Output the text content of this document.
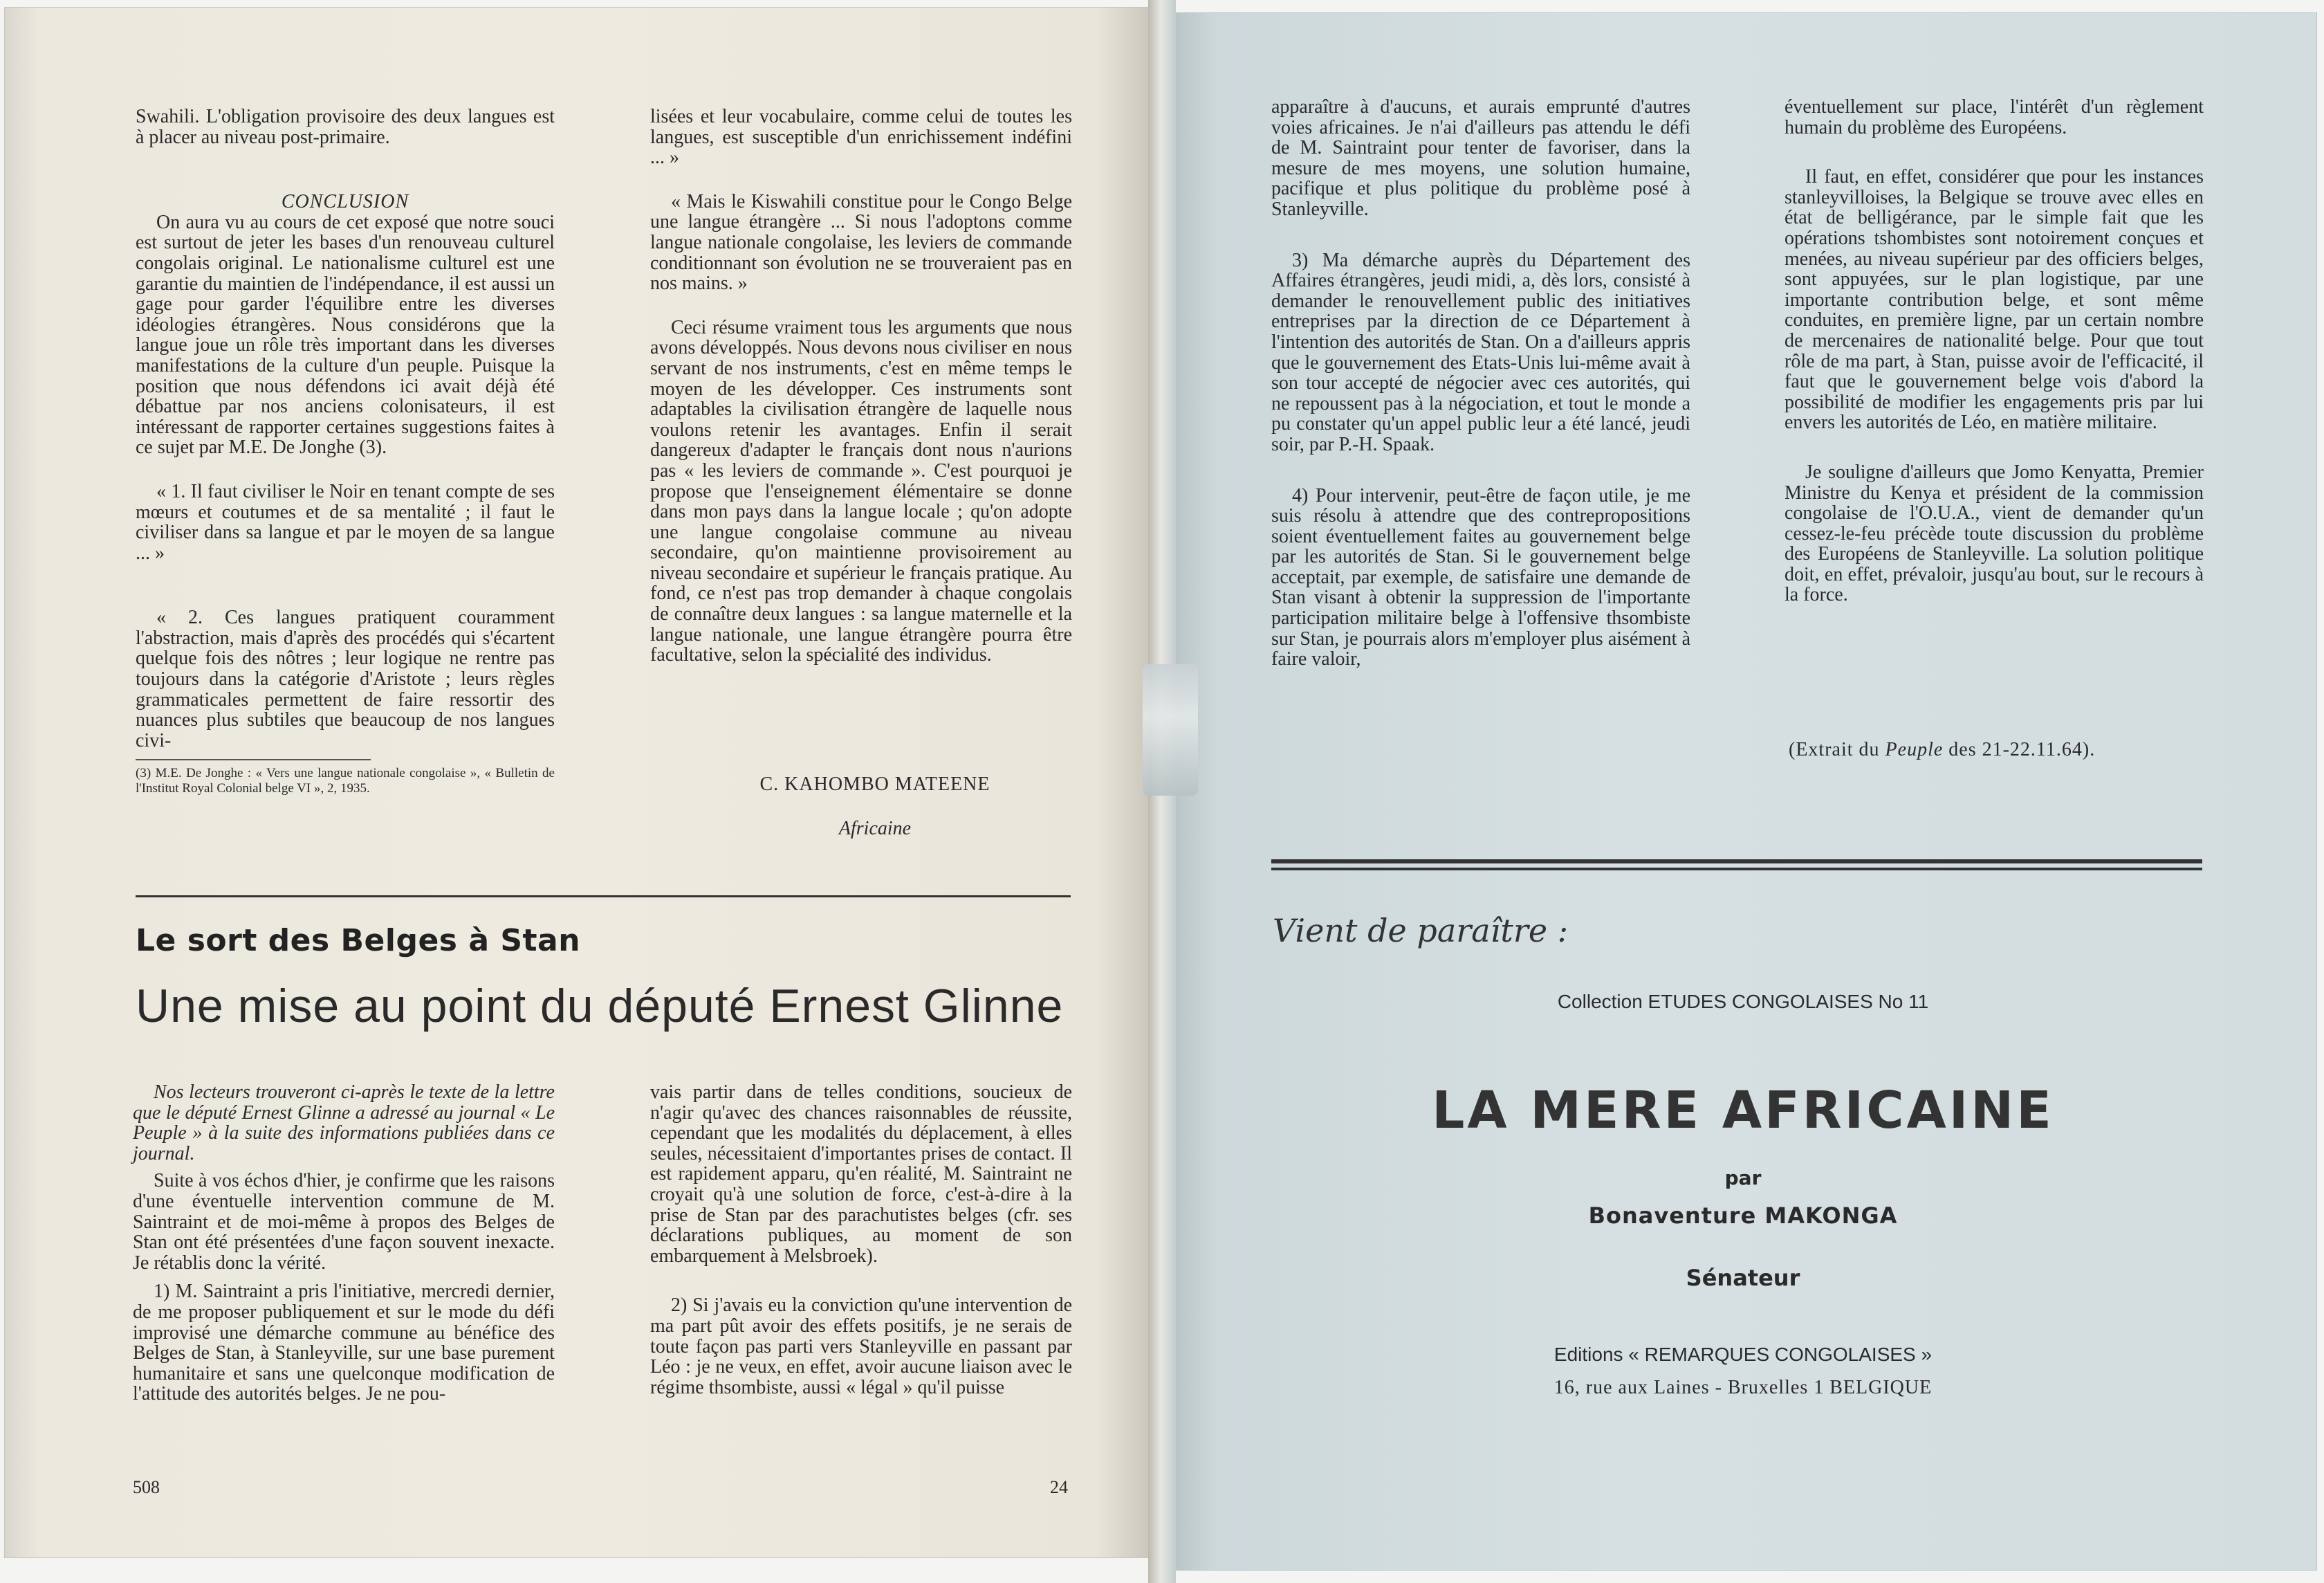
Swahili. L'obligation provisoire des deux langues est à placer au niveau post-primaire.

CONCLUSION

On aura vu au cours de cet exposé que notre souci est surtout de jeter les bases d'un renouveau culturel congolais original. Le nationalisme culturel est une garantie du maintien de l'indépendance, il est aussi un gage pour garder l'équilibre entre les diverses idéologies étrangères. Nous considérons que la langue joue un rôle très important dans les diverses manifestations de la culture d'un peuple. Puisque la position que nous défendons ici avait déjà été débattue par nos anciens colonisateurs, il est intéressant de rapporter certaines suggestions faites à ce sujet par M.E. De Jonghe (3).

« 1. Il faut civiliser le Noir en tenant compte de ses mœurs et coutumes et de sa mentalité ; il faut le civiliser dans sa langue et par le moyen de sa langue ... »

« 2. Ces langues pratiquent couramment l'abstraction, mais d'après des procédés qui s'écartent quelque fois des nôtres ; leur logique ne rentre pas toujours dans la catégorie d'Aristote ; leurs règles grammaticales permettent de faire ressortir des nuances plus subtiles que beaucoup de nos langues civi-

(3) M.E. De Jonghe : « Vers une langue nationale congolaise », « Bulletin de l'Institut Royal Colonial belge VI », 2, 1935.

lisées et leur vocabulaire, comme celui de toutes les langues, est susceptible d'un enrichissement indéfini ... »

« Mais le Kiswahili constitue pour le Congo Belge une langue étrangère ... Si nous l'adoptons comme langue nationale congolaise, les leviers de commande conditionnant son évolution ne se trouveraient pas en nos mains. »

Ceci résume vraiment tous les arguments que nous avons développés. Nous devons nous civiliser en nous servant de nos instruments, c'est en même temps le moyen de les développer. Ces instruments sont adaptables la civilisation étrangère de laquelle nous voulons retenir les avantages. Enfin il serait dangereux d'adapter le français dont nous n'aurions pas « les leviers de commande ». C'est pourquoi je propose que l'enseignement élémentaire se donne dans mon pays dans la langue locale ; qu'on adopte une langue congolaise commune au niveau secondaire, qu'on maintienne provisoirement au niveau secondaire et supérieur le français pratique. Au fond, ce n'est pas trop demander à chaque congolais de connaître deux langues : sa langue maternelle et la langue nationale, une langue étrangère pourra être facultative, selon la spécialité des individus.

C. KAHOMBO MATEENE
Africaine
Le sort des Belges à Stan
Une mise au point du député Ernest Glinne

Nos lecteurs trouveront ci-après le texte de la lettre que le député Ernest Glinne a adressé au journal « Le Peuple » à la suite des informations publiées dans ce journal.

Suite à vos échos d'hier, je confirme que les raisons d'une éventuelle intervention commune de M. Saintraint et de moi-même à propos des Belges de Stan ont été présentées d'une façon souvent inexacte. Je rétablis donc la vérité.

1) M. Saintraint a pris l'initiative, mercredi dernier, de me proposer publiquement et sur le mode du défi improvisé une démarche commune au bénéfice des Belges de Stan, à Stanleyville, sur une base purement humanitaire et sans une quelconque modification de l'attitude des autorités belges. Je ne pou-

vais partir dans de telles conditions, soucieux de n'agir qu'avec des chances raisonnables de réussite, cependant que les modalités du déplacement, à elles seules, nécessitaient d'importantes prises de contact. Il est rapidement apparu, qu'en réalité, M. Saintraint ne croyait qu'à une solution de force, c'est-à-dire à la prise de Stan par des parachutistes belges (cfr. ses déclarations publiques, au moment de son embarquement à Melsbroek).

2) Si j'avais eu la conviction qu'une intervention de ma part pût avoir des effets positifs, je ne serais de toute façon pas parti vers Stanleyville en passant par Léo : je ne veux, en effet, avoir aucune liaison avec le régime thsombiste, aussi « légal » qu'il puisse

508	24

apparaître à d'aucuns, et aurais emprunté d'autres voies africaines. Je n'ai d'ailleurs pas attendu le défi de M. Saintraint pour tenter de favoriser, dans la mesure de mes moyens, une solution humaine, pacifique et plus politique du problème posé à Stanleyville.

3) Ma démarche auprès du Département des Affaires étrangères, jeudi midi, a, dès lors, consisté à demander le renouvellement public des initiatives entreprises par la direction de ce Département à l'intention des autorités de Stan. On a d'ailleurs appris que le gouvernement des Etats-Unis lui-même avait à son tour accepté de négocier avec ces autorités, qui ne repoussent pas à la négociation, et tout le monde a pu constater qu'un appel public leur a été lancé, jeudi soir, par P.-H. Spaak.

4) Pour intervenir, peut-être de façon utile, je me suis résolu à attendre que des contrepropositions soient éventuellement faites au gouvernement belge par les autorités de Stan. Si le gouvernement belge acceptait, par exemple, de satisfaire une demande de Stan visant à obtenir la suppression de l'importante participation militaire belge à l'offensive thsombiste sur Stan, je pourrais alors m'employer plus aisément à faire valoir,

éventuellement sur place, l'intérêt d'un règlement humain du problème des Européens.

Il faut, en effet, considérer que pour les instances stanleyvilloises, la Belgique se trouve avec elles en état de belligérance, par le simple fait que les opérations tshombistes sont notoirement conçues et menées, au niveau supérieur par des officiers belges, sont appuyées, sur le plan logistique, par une importante contribution belge, et sont même conduites, en première ligne, par un certain nombre de mercenaires de nationalité belge. Pour que tout rôle de ma part, à Stan, puisse avoir de l'efficacité, il faut que le gouvernement belge vois d'abord la possibilité de modifier les engagements pris par lui envers les autorités de Léo, en matière militaire.

Je souligne d'ailleurs que Jomo Kenyatta, Premier Ministre du Kenya et président de la commission congolaise de l'O.U.A., vient de demander qu'un cessez-le-feu précède toute discussion du problème des Européens de Stanleyville. La solution politique doit, en effet, prévaloir, jusqu'au bout, sur le recours à la force.

(Extrait du Peuple des 21-22.11.64).
Vient de paraître :
Collection ETUDES CONGOLAISES No 11
LA MERE AFRICAINE
par
Bonaventure MAKONGA
Sénateur
Editions « REMARQUES CONGOLAISES »
16, rue aux Laines - Bruxelles 1 BELGIQUE
